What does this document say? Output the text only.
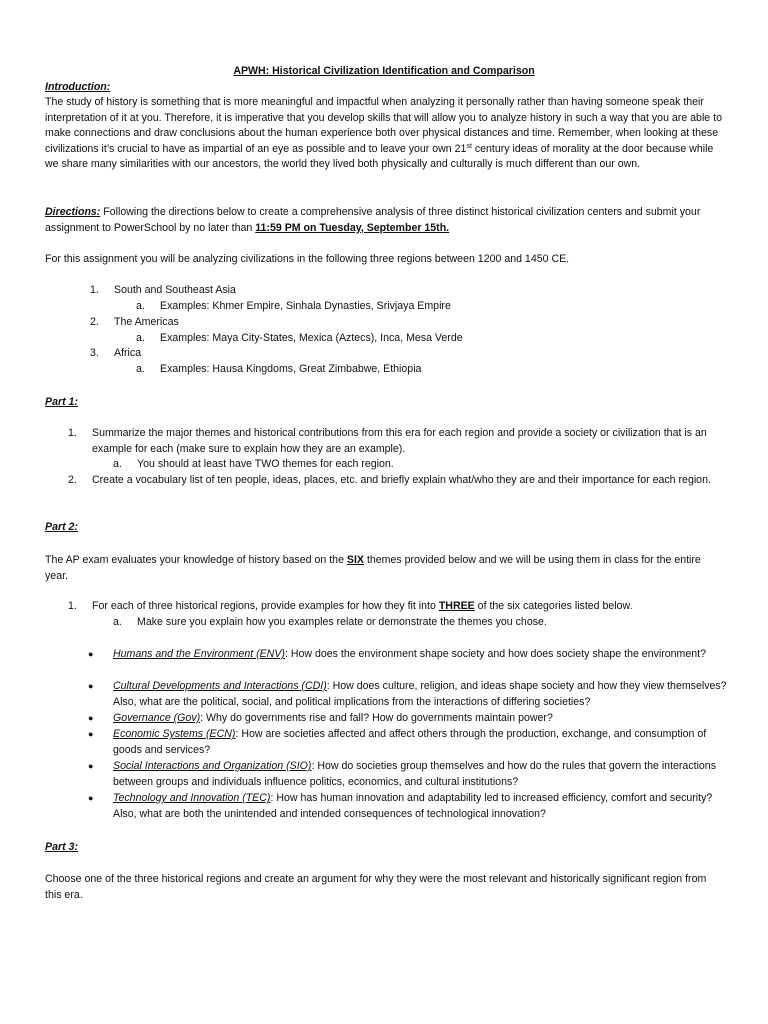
APWH: Historical Civilization Identification and Comparison

Introduction:

The study of history is something that is more meaningful and impactful when analyzing it personally rather than having someone speak their interpretation of it at you. Therefore, it is imperative that you develop skills that will allow you to analyze history in such a way that you are able to make connections and draw conclusions about the human experience both over physical distances and time. Remember, when looking at these civilizations it’s crucial to have as impartial of an eye as possible and to leave your own 21st century ideas of morality at the door because while we share many similarities with our ancestors, the world they lived both physically and culturally is much different than our own.

Directions: Following the directions below to create a comprehensive analysis of three distinct historical civilization centers and submit your assignment to PowerSchool by no later than 11:59 PM on Tuesday, September 15th.

For this assignment you will be analyzing civilizations in the following three regions between 1200 and 1450 CE.

1.	South and Southeast Asia
a. Examples: Khmer Empire, Sinhala Dynasties, Srivjaya Empire
2.	The Americas
a. Examples: Maya City-States, Mexica (Aztecs), Inca, Mesa Verde
3.	Africa
a. Examples: Hausa Kingdoms, Great Zimbabwe, Ethiopia

Part 1:

1.	Summarize the major themes and historical contributions from this era for each region and provide a society or civilization that is an example for each (make sure to explain how they are an example).
a. You should at least have TWO themes for each region.
2.	Create a vocabulary list of ten people, ideas, places, etc. and briefly explain what/who they are and their importance for each region.

Part 2:

The AP exam evaluates your knowledge of history based on the SIX themes provided below and we will be using them in class for the entire year.

1.	For each of three historical regions, provide examples for how they fit into THREE of the six categories listed below.
a. Make sure you explain how you examples relate or demonstrate the themes you chose.
● Humans and the Environment (ENV): How does the environment shape society and how does society shape the environment?
● Cultural Developments and Interactions (CDI): How does culture, religion, and ideas shape society and how they view themselves? Also, what are the political, social, and political implications from the interactions of differing societies?
● Governance (Gov): Why do governments rise and fall? How do governments maintain power?
● Economic Systems (ECN): How are societies affected and affect others through the production, exchange, and consumption of goods and services?
● Social Interactions and Organization (SIO): How do societies group themselves and how do the rules that govern the interactions between groups and individuals influence politics, economics, and cultural institutions?
● Technology and Innovation (TEC): How has human innovation and adaptability led to increased efficiency, comfort and security? Also, what are both the unintended and intended consequences of technological innovation?

Part 3:

Choose one of the three historical regions and create an argument for why they were the most relevant and historically significant region from this era.
